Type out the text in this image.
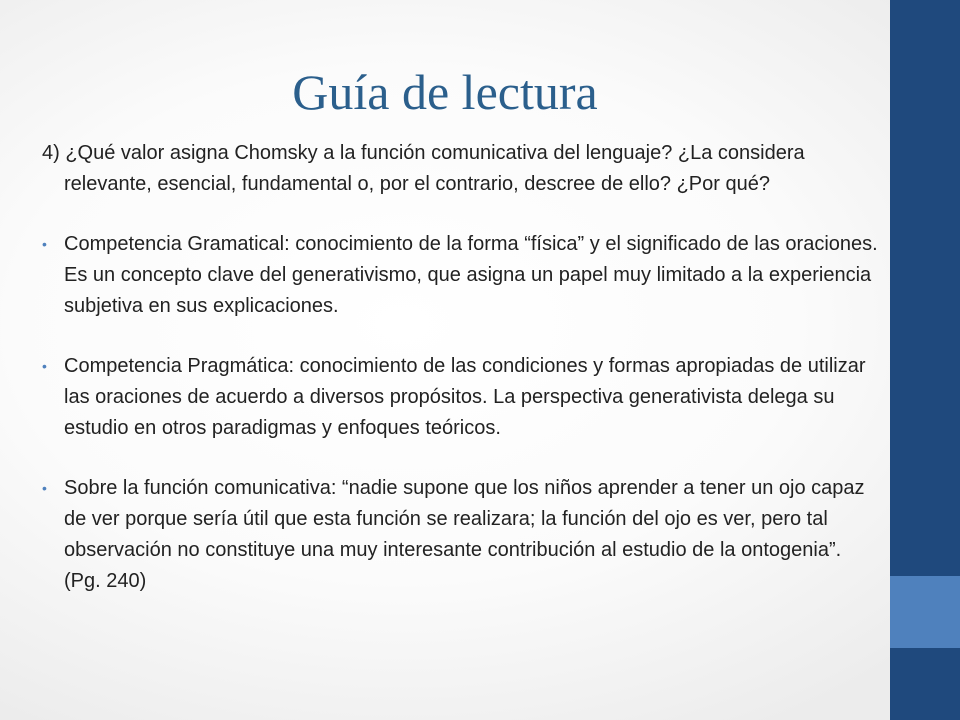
Guía de lectura

4) ¿Qué valor asigna Chomsky a la función comunicativa del lenguaje? ¿La considera relevante, esencial, fundamental o, por el contrario, descree de ello? ¿Por qué?

• Competencia Gramatical: conocimiento de la forma “física” y el significado de las oraciones. Es un concepto clave del generativismo, que asigna un papel muy limitado a la experiencia subjetiva en sus explicaciones.
• Competencia Pragmática: conocimiento de las condiciones y formas apropiadas de utilizar las oraciones de acuerdo a diversos propósitos. La perspectiva generativista delega su estudio en otros paradigmas y enfoques teóricos.
• Sobre la función comunicativa: “nadie supone que los niños aprender a tener un ojo capaz de ver porque sería útil que esta función se realizara; la función del ojo es ver, pero tal observación no constituye una muy interesante contribución al estudio de la ontogenia”. (Pg. 240)
